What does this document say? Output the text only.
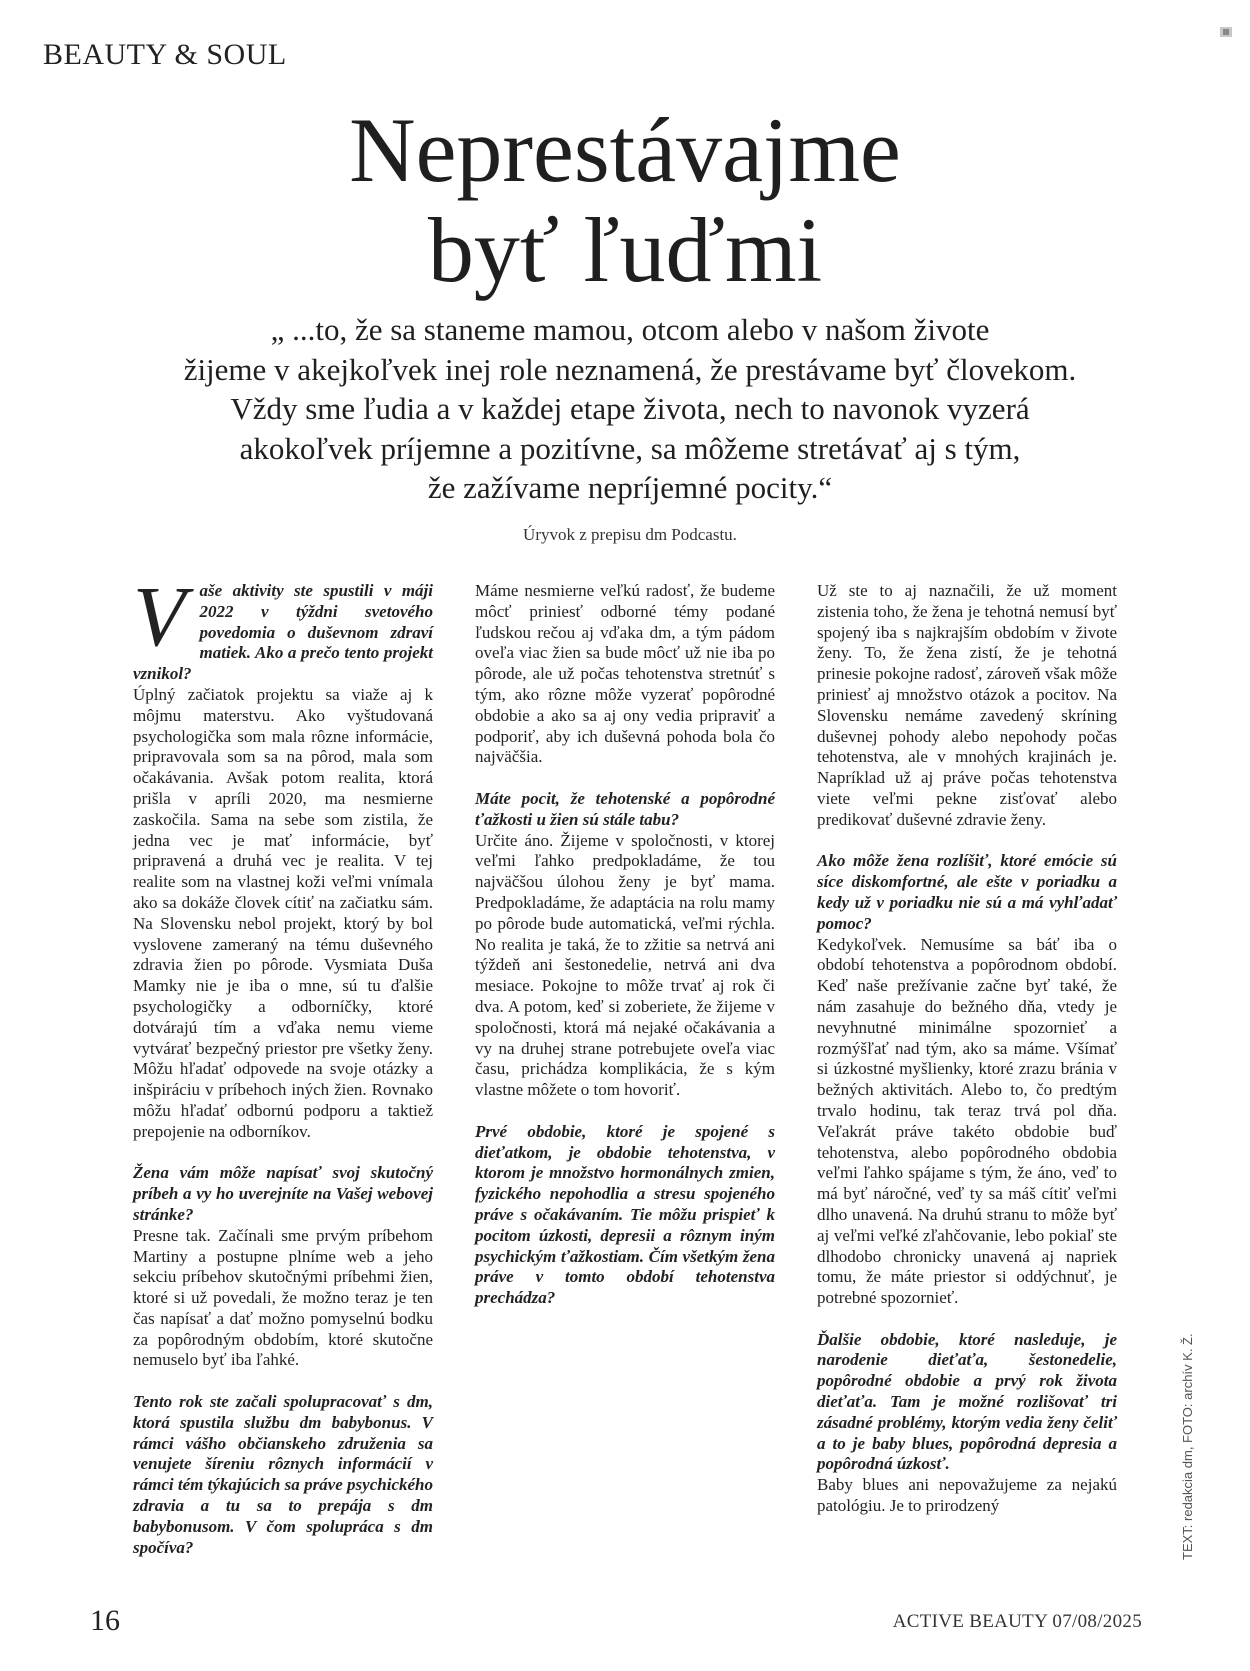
BEAUTY & SOUL
Neprestávajme
byť ľuďmi
„ ...to, že sa staneme mamou, otcom alebo v našom živote
žijeme v akejkoľvek inej role neznamená, že prestávame byť človekom.
Vždy sme ľudia a v každej etape života, nech to navonok vyzerá
akokoľvek príjemne a pozitívne, sa môžeme stretávať aj s tým,
že zažívame nepríjemné pocity.“
Úryvok z prepisu dm Podcastu.

V aše aktivity ste spustili v máji 2022 v týždni svetového povedomia o duševnom zdraví matiek. Ako a prečo tento projekt vznikol?
Úplný začiatok projektu sa viaže aj k môjmu materstvu. Ako vyštudovaná psychologička som mala rôzne informácie, pripravovala som sa na pôrod, mala som očakávania. Avšak potom realita, ktorá prišla v apríli 2020, ma nesmierne zaskočila. Sama na sebe som zistila, že jedna vec je mať informácie, byť pripravená a druhá vec je realita. V tej realite som na vlastnej koži veľmi vnímala ako sa dokáže človek cítiť na začiatku sám. Na Slovensku nebol projekt, ktorý by bol vyslovene zameraný na tému duševného zdravia žien po pôrode. Vysmiata Duša Mamky nie je iba o mne, sú tu ďalšie psychologičky a odborníčky, ktoré dotvárajú tím a vďaka nemu vieme vytvárať bezpečný priestor pre všetky ženy. Môžu hľadať odpovede na svoje otázky a inšpiráciu v príbehoch iných žien. Rovnako môžu hľadať odbornú podporu a taktiež prepojenie na odborníkov.

Žena vám môže napísať svoj skutočný príbeh a vy ho uverejníte na Vašej webovej stránke?
Presne tak. Začínali sme prvým príbehom Martiny a postupne plníme web a jeho sekciu príbehov skutočnými príbehmi žien, ktoré si už povedali, že možno teraz je ten čas napísať a dať možno pomyselnú bodku za popôrodným obdobím, ktoré skutočne nemuselo byť iba ľahké.

Tento rok ste začali spolupracovať s dm, ktorá spustila službu dm babybonus. V rámci vášho občianskeho združenia sa venujete šíreniu rôznych informácií v rámci tém týkajúcich sa práve psychického zdravia a tu sa to prepája s dm babybonusom. V čom spolupráca s dm spočíva?

Máme nesmierne veľkú radosť, že budeme môcť priniesť odborné témy podané ľudskou rečou aj vďaka dm, a tým pádom oveľa viac žien sa bude môcť už nie iba po pôrode, ale už počas tehotenstva stretnúť s tým, ako rôzne môže vyzerať popôrodné obdobie a ako sa aj ony vedia pripraviť a podporiť, aby ich duševná pohoda bola čo najväčšia.

Máte pocit, že tehotenské a popôrodné ťažkosti u žien sú stále tabu?
Určite áno. Žijeme v spoločnosti, v ktorej veľmi ľahko predpokladáme, že tou najväčšou úlohou ženy je byť mama. Predpokladáme, že adaptácia na rolu mamy po pôrode bude automatická, veľmi rýchla. No realita je taká, že to zžitie sa netrvá ani týždeň ani šestonedelie, netrvá ani dva mesiace. Pokojne to môže trvať aj rok či dva. A potom, keď si zoberiete, že žijeme v spoločnosti, ktorá má nejaké očakávania a vy na druhej strane potrebujete oveľa viac času, prichádza komplikácia, že s kým vlastne môžete o tom hovoriť.

Prvé obdobie, ktoré je spojené s dieťatkom, je obdobie tehotenstva, v ktorom je množstvo hormonálnych zmien, fyzického nepohodlia a stresu spojeného práve s očakávaním. Tie môžu prispieť k pocitom úzkosti, depresii a rôznym iným psychickým ťažkostiam. Čím všetkým žena práve v tomto období tehotenstva prechádza?

Už ste to aj naznačili, že už moment zistenia toho, že žena je tehotná nemusí byť spojený iba s najkrajším obdobím v živote ženy. To, že žena zistí, že je tehotná prinesie pokojne radosť, zároveň však môže priniesť aj množstvo otázok a pocitov. Na Slovensku nemáme zavedený skríning duševnej pohody alebo nepohody počas tehotenstva, ale v mnohých krajinách je. Napríklad už aj práve počas tehotenstva viete veľmi pekne zisťovať alebo predikovať duševné zdravie ženy.

Ako môže žena rozlíšiť, ktoré emócie sú síce diskomfortné, ale ešte v poriadku a kedy už v poriadku nie sú a má vyhľadať pomoc?
Kedykoľvek. Nemusíme sa báť iba o období tehotenstva a popôrodnom období. Keď naše prežívanie začne byť také, že nám zasahuje do bežného dňa, vtedy je nevyhnutné minimálne spozornieť a rozmýšľať nad tým, ako sa máme. Všímať si úzkostné myšlienky, ktoré zrazu bránia v bežných aktivitách. Alebo to, čo predtým trvalo hodinu, tak teraz trvá pol dňa. Veľakrát práve takéto obdobie buď tehotenstva, alebo popôrodného obdobia veľmi ľahko spájame s tým, že áno, veď to má byť náročné, veď ty sa máš cítiť veľmi dlho unavená. Na druhú stranu to môže byť aj veľmi veľké zľahčovanie, lebo pokiaľ ste dlhodobo chronicky unavená aj napriek tomu, že máte priestor si oddýchnuť, je potrebné spozornieť.

Ďalšie obdobie, ktoré nasleduje, je narodenie dieťaťa, šestonedelie, popôrodné obdobie a prvý rok života dieťaťa. Tam je možné rozlišovať tri zásadné problémy, ktorým vedia ženy čeliť a to je baby blues, popôrodná depresia a popôrodná úzkosť.
Baby blues ani nepovažujeme za nejakú patológiu. Je to prirodzený	TEXT: redakcia dm, FOTO: archív K. Ž.
16	ACTIVE BEAUTY 07/08/2025
